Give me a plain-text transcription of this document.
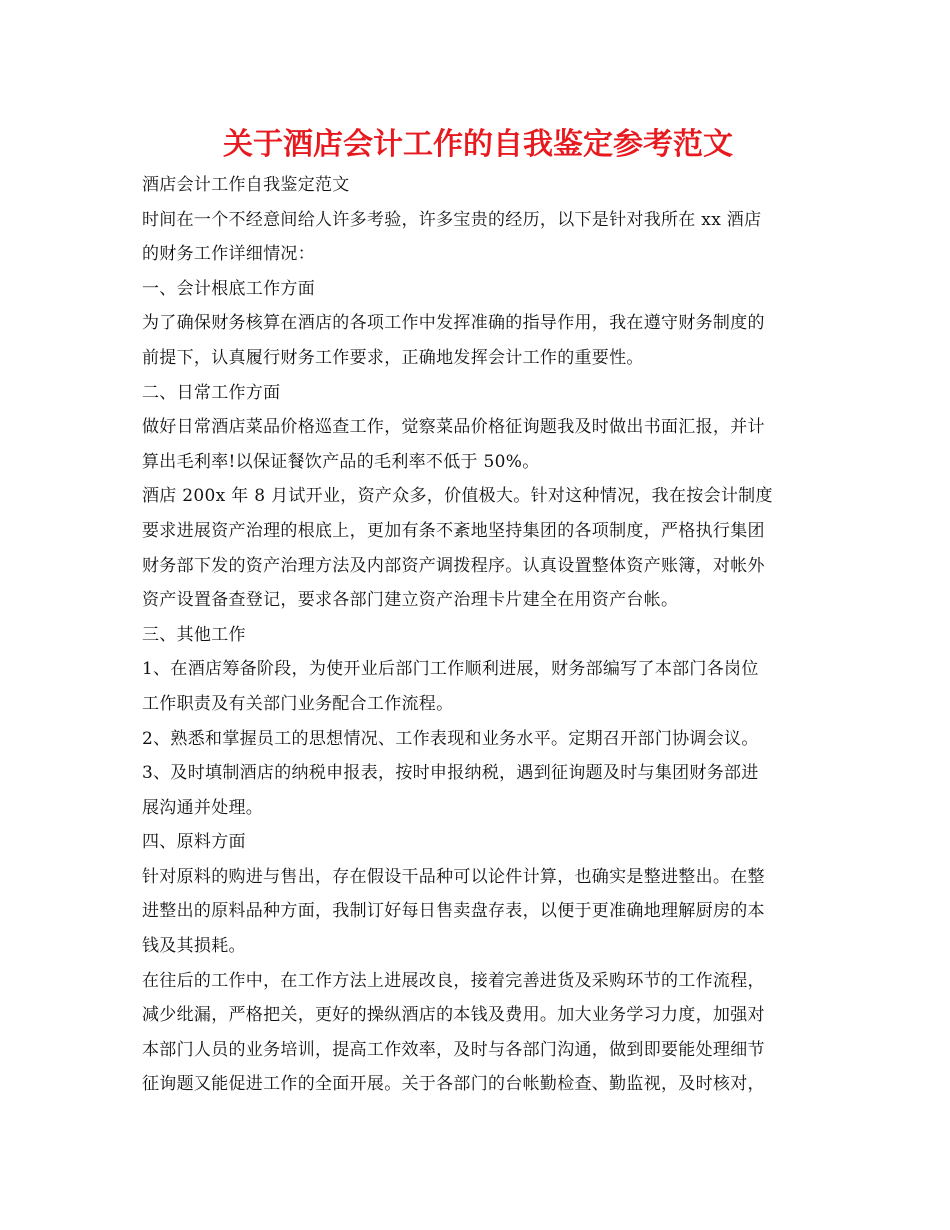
关于酒店会计工作的自我鉴定参考范文
酒店会计工作自我鉴定范文
时间在一个不经意间给人许多考验，许多宝贵的经历，以下是针对我所在 xx 酒店
的财务工作详细情况：
一、会计根底工作方面
为了确保财务核算在酒店的各项工作中发挥准确的指导作用，我在遵守财务制度的
前提下，认真履行财务工作要求，正确地发挥会计工作的重要性。
二、日常工作方面
做好日常酒店菜品价格巡查工作，觉察菜品价格征询题我及时做出书面汇报，并计
算出毛利率!以保证餐饮产品的毛利率不低于 50%。
酒店 200x 年 8 月试开业，资产众多，价值极大。针对这种情况，我在按会计制度
要求进展资产治理的根底上，更加有条不紊地坚持集团的各项制度，严格执行集团
财务部下发的资产治理方法及内部资产调拨程序。认真设置整体资产账簿，对帐外
资产设置备查登记，要求各部门建立资产治理卡片建全在用资产台帐。
三、其他工作
1、在酒店筹备阶段，为使开业后部门工作顺利进展，财务部编写了本部门各岗位
工作职责及有关部门业务配合工作流程。
2、熟悉和掌握员工的思想情况、工作表现和业务水平。定期召开部门协调会议。
3、及时填制酒店的纳税申报表，按时申报纳税，遇到征询题及时与集团财务部进
展沟通并处理。
四、原料方面
针对原料的购进与售出，存在假设干品种可以论件计算，也确实是整进整出。在整
进整出的原料品种方面，我制订好每日售卖盘存表，以便于更准确地理解厨房的本
钱及其损耗。
在往后的工作中，在工作方法上进展改良，接着完善进货及采购环节的工作流程，
减少纰漏，严格把关，更好的操纵酒店的本钱及费用。加大业务学习力度，加强对
本部门人员的业务培训，提高工作效率，及时与各部门沟通，做到即要能处理细节
征询题又能促进工作的全面开展。关于各部门的台帐勤检查、勤监视，及时核对，
